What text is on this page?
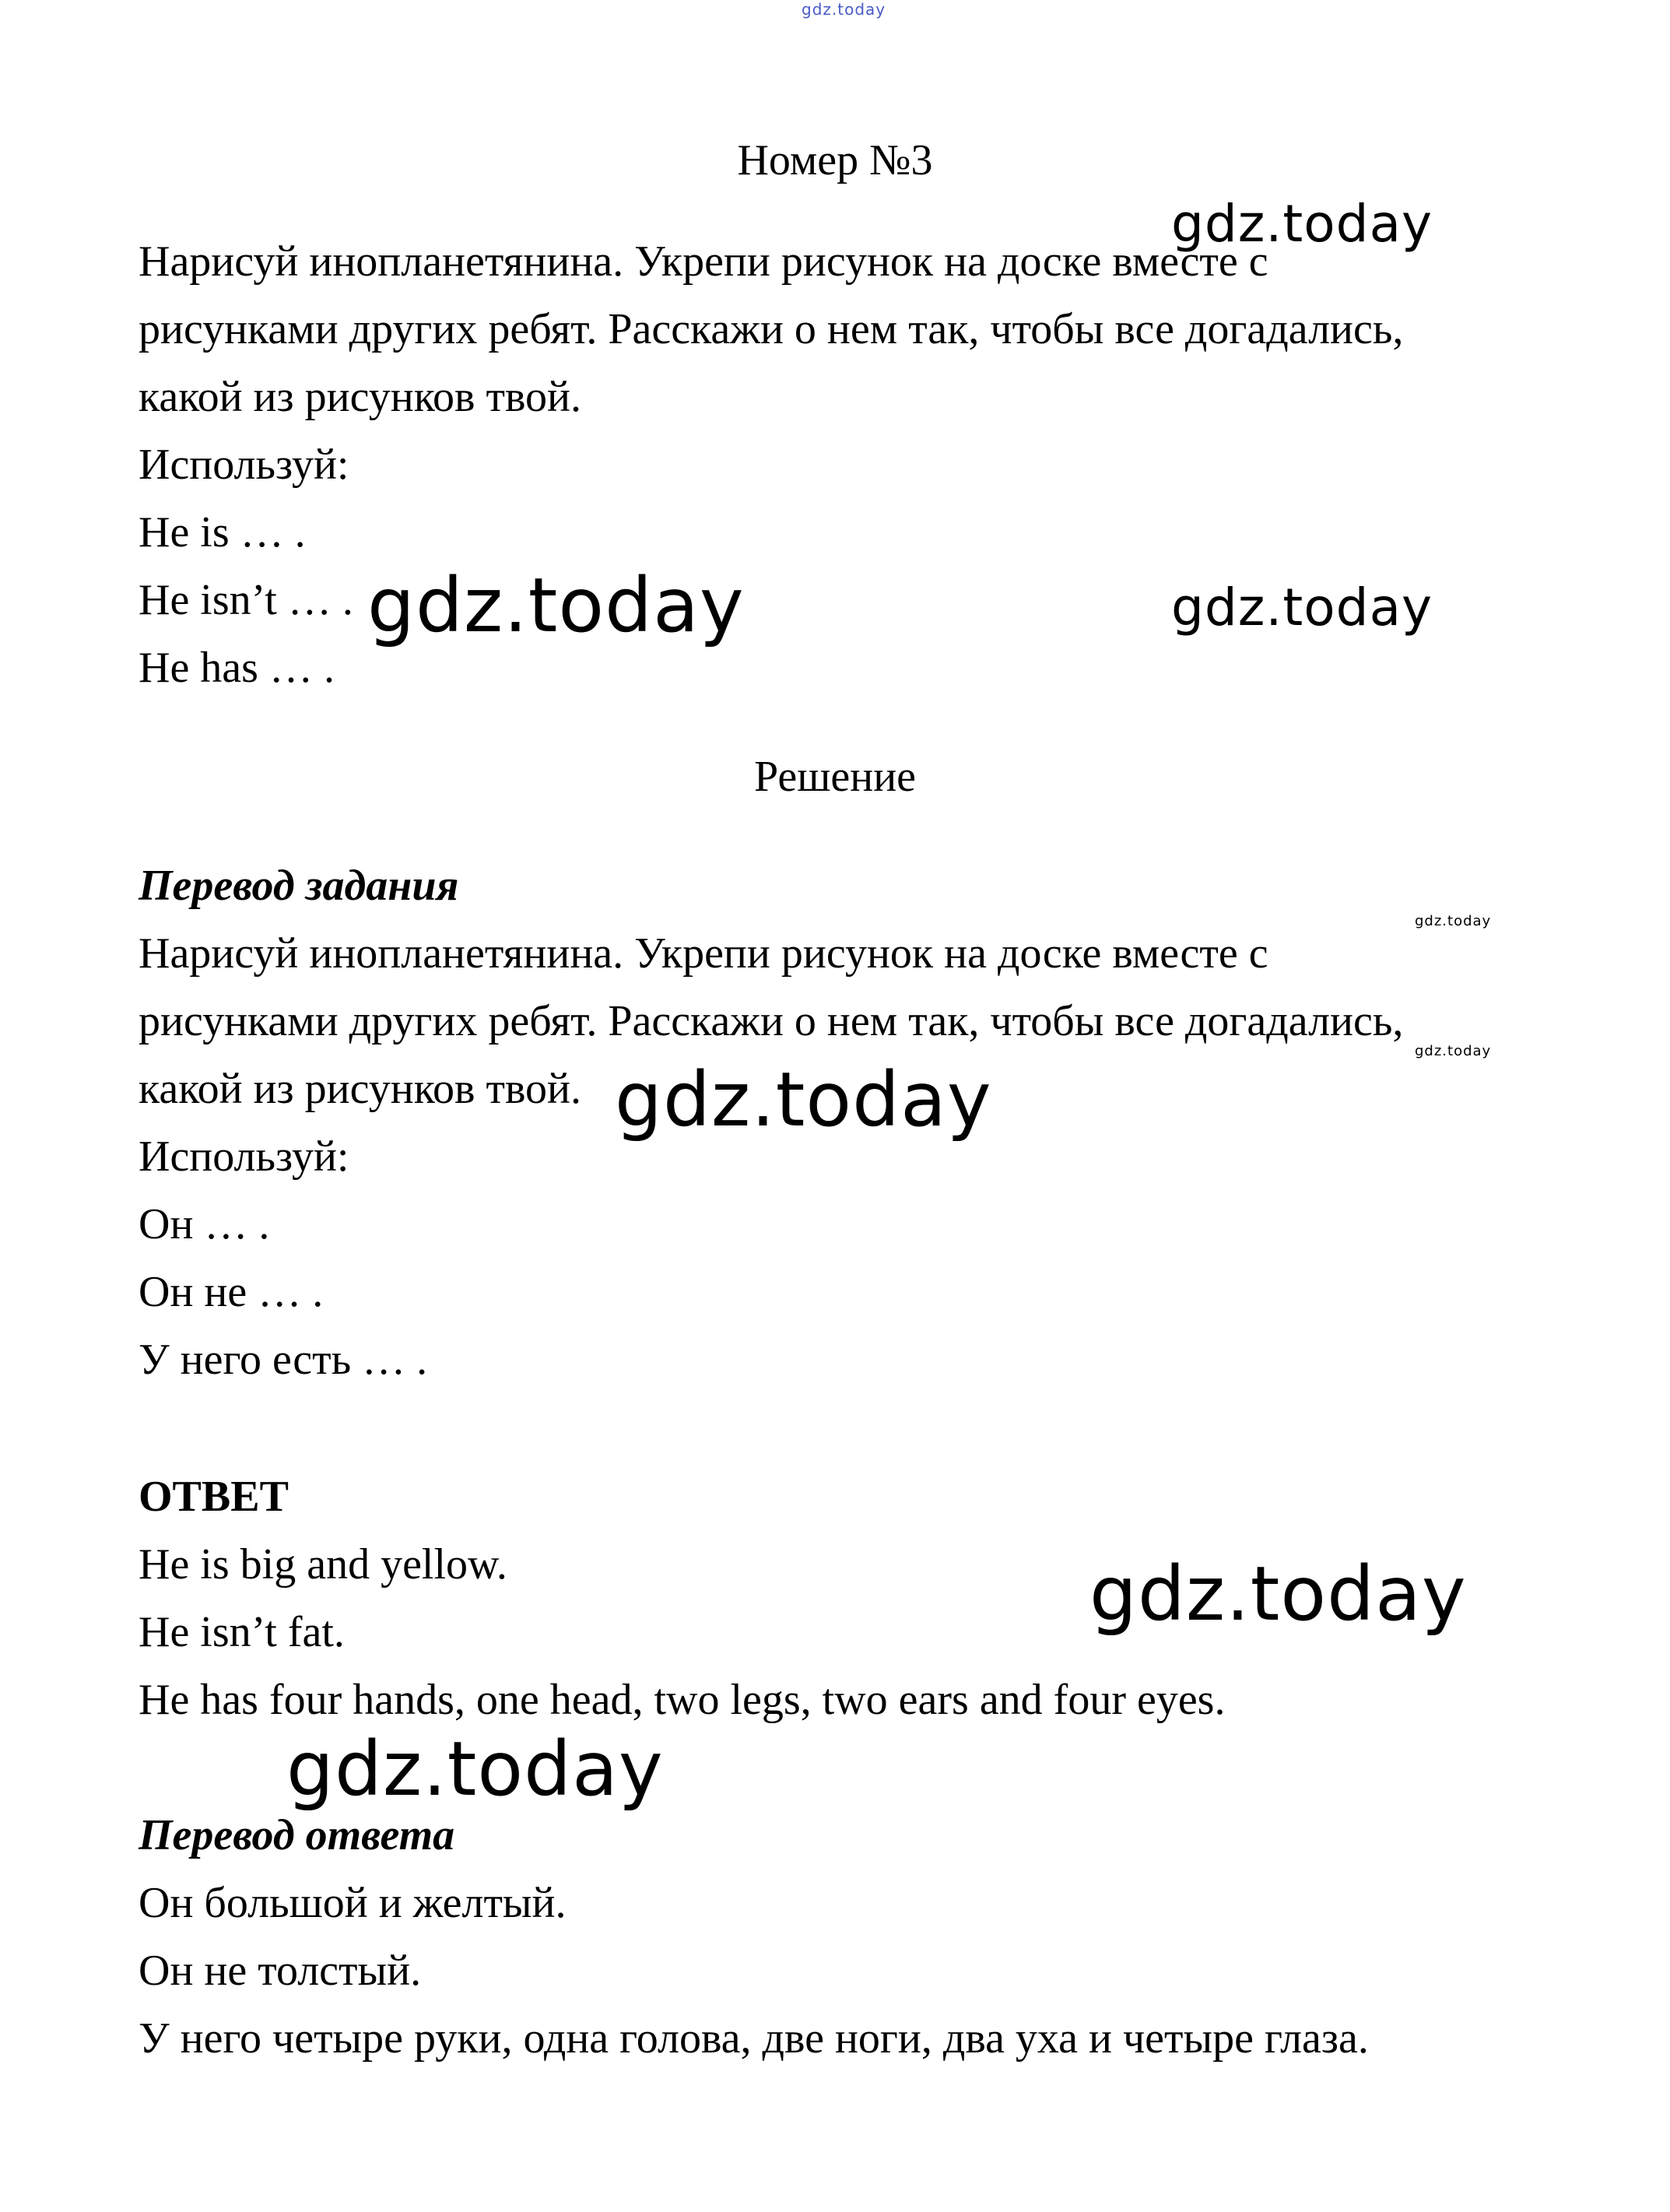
gdz.today
Номер №3
Нарисуй инопланетянина. Укрепи рисунок на доске вместе с
рисунками других ребят. Расскажи о нем так, чтобы все догадались,
какой из рисунков твой.
Используй:
He is … .
He isn’t … .
He has … .
Решение
Перевод задания
Нарисуй инопланетянина. Укрепи рисунок на доске вместе с
рисунками других ребят. Расскажи о нем так, чтобы все догадались,
какой из рисунков твой.
Используй:
Он … .
Он не … .
У него есть … .
ОТВЕТ
He is big and yellow.
He isn’t fat.
He has four hands, one head, two legs, two ears and four eyes.
Перевод ответа
Он большой и желтый.
Он не толстый.
У него четыре руки, одна голова, две ноги, два уха и четыре глаза.
gdz.today
gdz.today	gdz.today
gdz.today
gdz.today
gdz.today
gdz.today
gdz.today
